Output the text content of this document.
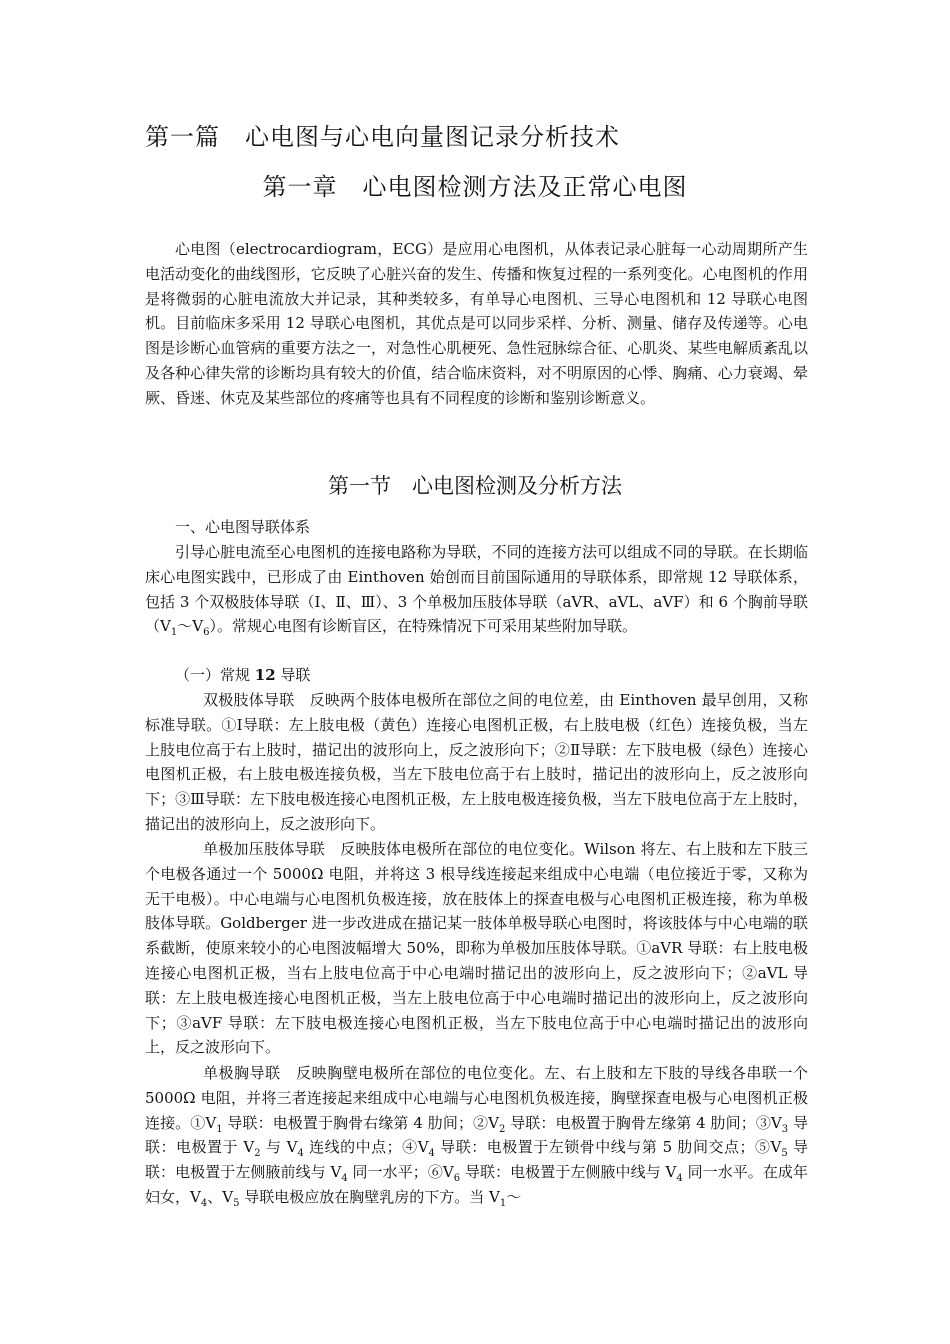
第一篇　心电图与心电向量图记录分析技术
第一章　心电图检测方法及正常心电图

心电图（electrocardiogram，ECG）是应用心电图机，从体表记录心脏每一心动周期所产生电活动变化的曲线图形，它反映了心脏兴奋的发生、传播和恢复过程的一系列变化。心电图机的作用是将微弱的心脏电流放大并记录，其种类较多，有单导心电图机、三导心电图机和 12 导联心电图机。目前临床多采用 12 导联心电图机，其优点是可以同步采样、分析、测量、储存及传递等。心电图是诊断心血管病的重要方法之一，对急性心肌梗死、急性冠脉综合征、心肌炎、某些电解质紊乱以及各种心律失常的诊断均具有较大的价值，结合临床资料，对不明原因的心悸、胸痛、心力衰竭、晕厥、昏迷、休克及某些部位的疼痛等也具有不同程度的诊断和鉴别诊断意义。

第一节　心电图检测及分析方法

一、心电图导联体系

引导心脏电流至心电图机的连接电路称为导联，不同的连接方法可以组成不同的导联。在长期临床心电图实践中，已形成了由 Einthoven 始创而目前国际通用的导联体系，即常规 12 导联体系，包括 3 个双极肢体导联（Ⅰ、Ⅱ、Ⅲ）、3 个单极加压肢体导联（aVR、aVL、aVF）和 6 个胸前导联$(V_1\sim V_6)$。常规心电图有诊断盲区，在特殊情况下可采用某些附加导联。

（一）常规 12 导联

双极肢体导联　反映两个肢体电极所在部位之间的电位差，由 Einthoven 最早创用，又称标准导联。①Ⅰ导联：左上肢电极（黄色）连接心电图机正极，右上肢电极（红色）连接负极，当左上肢电位高于右上肢时，描记出的波形向上，反之波形向下；②Ⅱ导联：左下肢电极（绿色）连接心电图机正极，右上肢电极连接负极，当左下肢电位高于右上肢时，描记出的波形向上，反之波形向下；③Ⅲ导联：左下肢电极连接心电图机正极，左上肢电极连接负极，当左下肢电位高于左上肢时，描记出的波形向上，反之波形向下。

单极加压肢体导联　反映肢体电极所在部位的电位变化。Wilson 将左、右上肢和左下肢三个电极各通过一个 5000Ω 电阻，并将这 3 根导线连接起来组成中心电端（电位接近于零，又称为无干电极）。中心电端与心电图机负极连接，放在肢体上的探查电极与心电图机正极连接，称为单极肢体导联。Goldberger 进一步改进成在描记某一肢体单极导联心电图时，将该肢体与中心电端的联系截断，使原来较小的心电图波幅增大 50%，即称为单极加压肢体导联。①aVR 导联：右上肢电极连接心电图机正极，当右上肢电位高于中心电端时描记出的波形向上，反之波形向下；②aVL 导联：左上肢电极连接心电图机正极，当左上肢电位高于中心电端时描记出的波形向上，反之波形向下；③aVF 导联：左下肢电极连接心电图机正极，当左下肢电位高于中心电端时描记出的波形向上，反之波形向下。

单极胸导联　反映胸壁电极所在部位的电位变化。左、右上肢和左下肢的导线各串联一个 5000Ω 电阻，并将三者连接起来组成中心电端与心电图机负极连接，胸壁探查电极与心电图机正极连接。$①V_1$ 导联：电极置于胸骨右缘第 4 肋间；$②V_2$ 导联：电极置于胸骨左缘第 4 肋间；$③V_3$ 导联：电极置于 $V_2$ 与 $V_4$ 连线的中点；$④V_4$ 导联：电极置于左锁骨中线与第 5 肋间交点；$⑤V_5$ 导联：电极置于左侧腋前线与 $V_4$ 同一水平；$⑥V_6$ 导联：电极置于左侧腋中线与 $V_4$ 同一水平。在成年妇女，$V_4$、$V_5$ 导联电极应放在胸壁乳房的下方。当 $V_1\sim$
